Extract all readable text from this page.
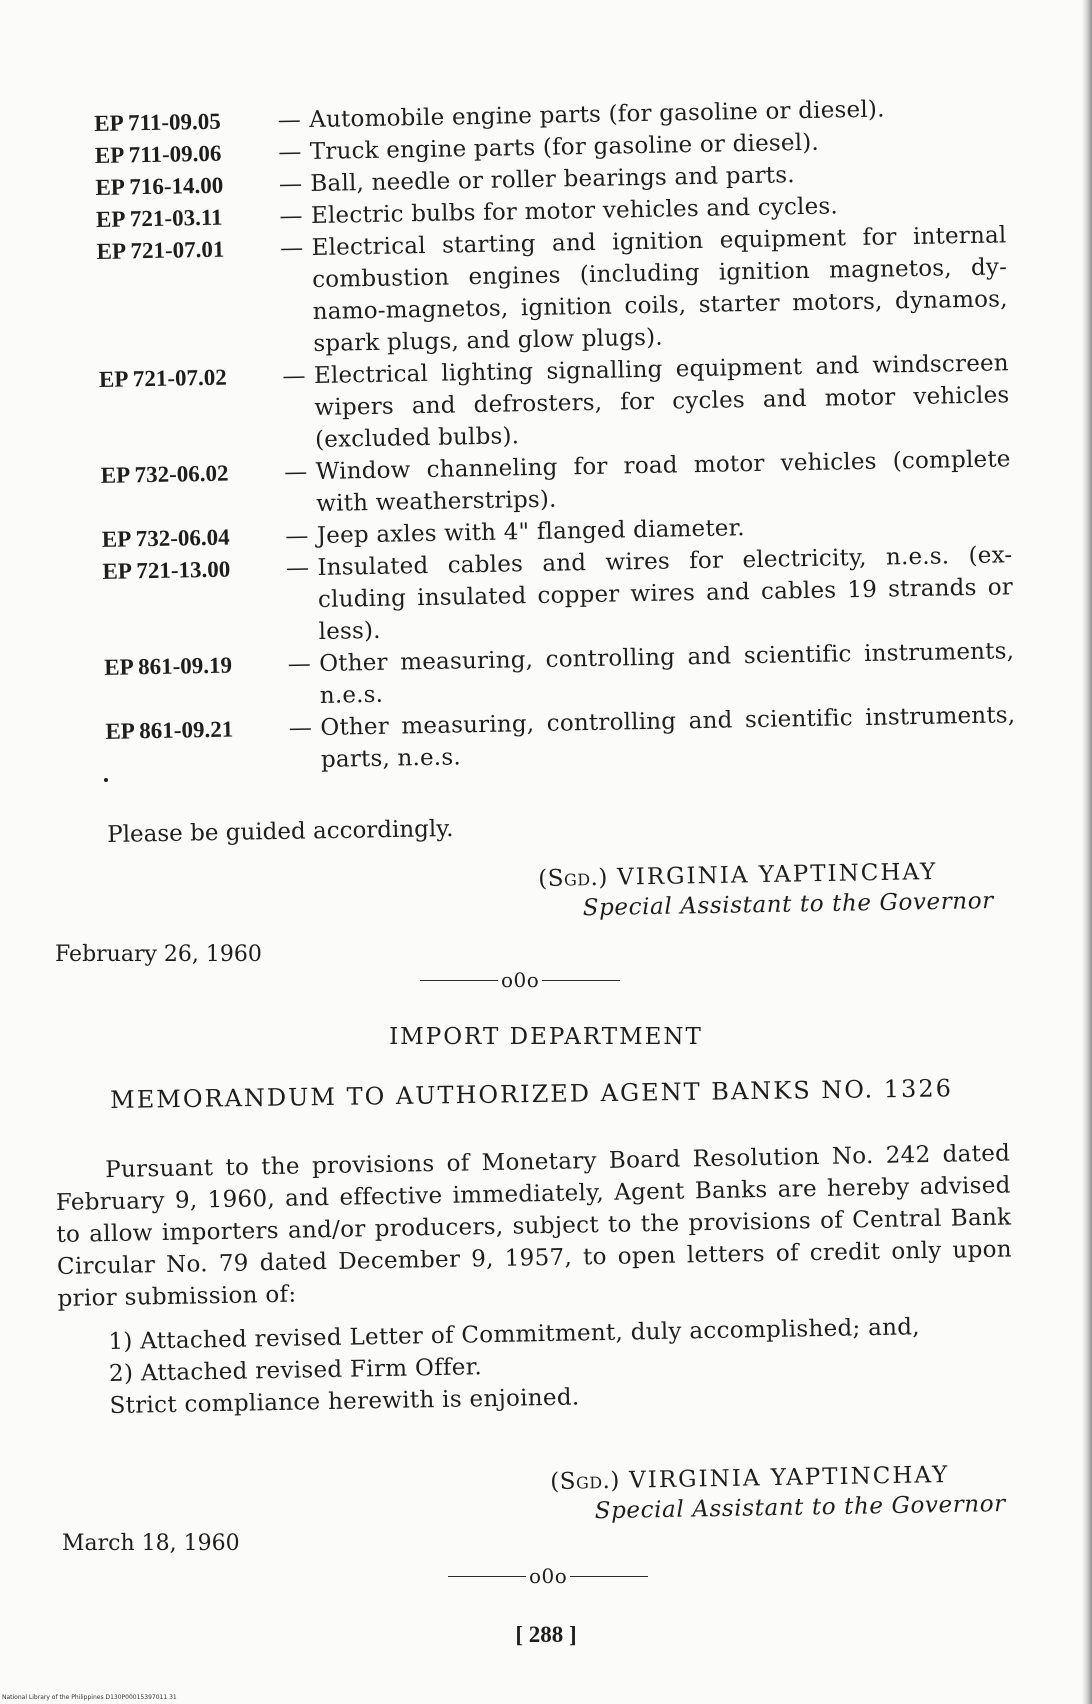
EP 711-09.05	— Automobile engine parts (for gasoline or diesel).
EP 711-09.06	— Truck engine parts (for gasoline or diesel).
EP 716-14.00	— Ball, needle or roller bearings and parts.
EP 721-03.11	— Electric bulbs for motor vehicles and cycles.
EP 721-07.01	— Electrical starting and ignition equipment for internal combustion engines (including ignition magnetos, dy- namo-magnetos, ignition coils, starter motors, dynamos, spark plugs, and glow plugs).
EP 721-07.02	— Electrical lighting signalling equipment and windscreen wipers and defrosters, for cycles and motor vehicles (excluded bulbs).
EP 732-06.02	— Window channeling for road motor vehicles (complete with weatherstrips).
EP 732-06.04	— Jeep axles with 4" flanged diameter.
EP 721-13.00	— Insulated cables and wires for electricity, n.e.s. (ex- cluding insulated copper wires and cables 19 strands or less).
EP 861-09.19	— Other measuring, controlling and scientific instruments, n.e.s.
EP 861-09.21	— Other measuring, controlling and scientific instruments, parts, n.e.s.
Please be guided accordingly.
(Sgd.) VIRGINIA YAPTINCHAY
Special Assistant to the Governor
February 26, 1960
o0o
IMPORT DEPARTMENT
MEMORANDUM TO AUTHORIZED AGENT BANKS NO. 1326

Pursuant to the provisions of Monetary Board Resolution No. 242 dated February 9, 1960, and effective immediately, Agent Banks are hereby advised to allow importers and/or producers, subject to the provisions of Central Bank Circular No. 79 dated December 9, 1957, to open letters of credit only upon prior submission of:

1) Attached revised Letter of Commitment, duly accomplished; and,
2) Attached revised Firm Offer.
Strict compliance herewith is enjoined.
(Sgd.) VIRGINIA YAPTINCHAY
Special Assistant to the Governor
March 18, 1960
o0o
[ 288 ]
National Library of the Philippines D130P00015397011 31
